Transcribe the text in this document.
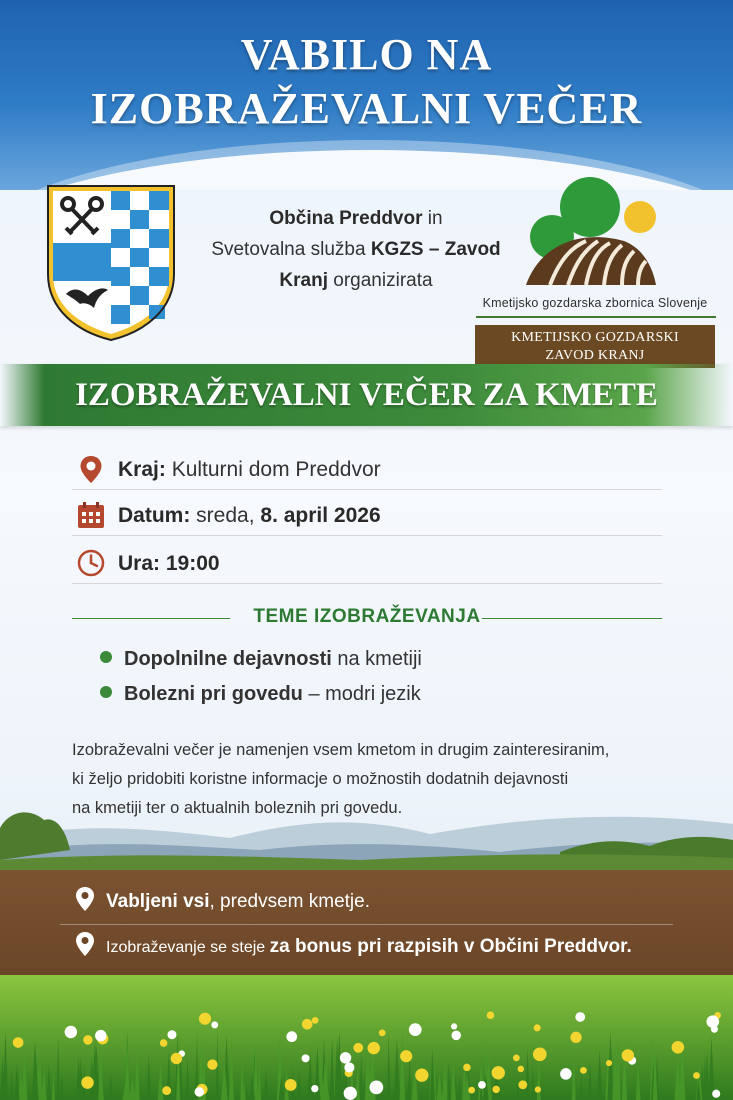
VABILO NA
IZOBRAŽEVALNI VEČER
Občina Preddvor in
Svetovalna služba KGZS – Zavod
Kranj organizirata
Kmetijsko gozdarska zbornica Slovenje
KMETIJSKO GOZDARSKI
ZAVOD KRANJ
IZOBRAŽEVALNI VEČER ZA KMETE
Kraj: Kulturni dom Preddvor
Datum: sreda, 8. april 2026
Ura: 19:00
TEME IZOBRAŽEVANJA
Dopolnilne dejavnosti na kmetiji
Bolezni pri govedu – modri jezik
Izobraževalni večer je namenjen vsem kmetom in drugim zainteresiranim,
ki željo pridobiti koristne informacje o možnostih dodatnih dejavnosti
na kmetiji ter o aktualnih boleznih pri govedu.
Vabljeni vsi, predvsem kmetje.
Izobraževanje se steje za bonus pri razpisih v Občini Preddvor.
